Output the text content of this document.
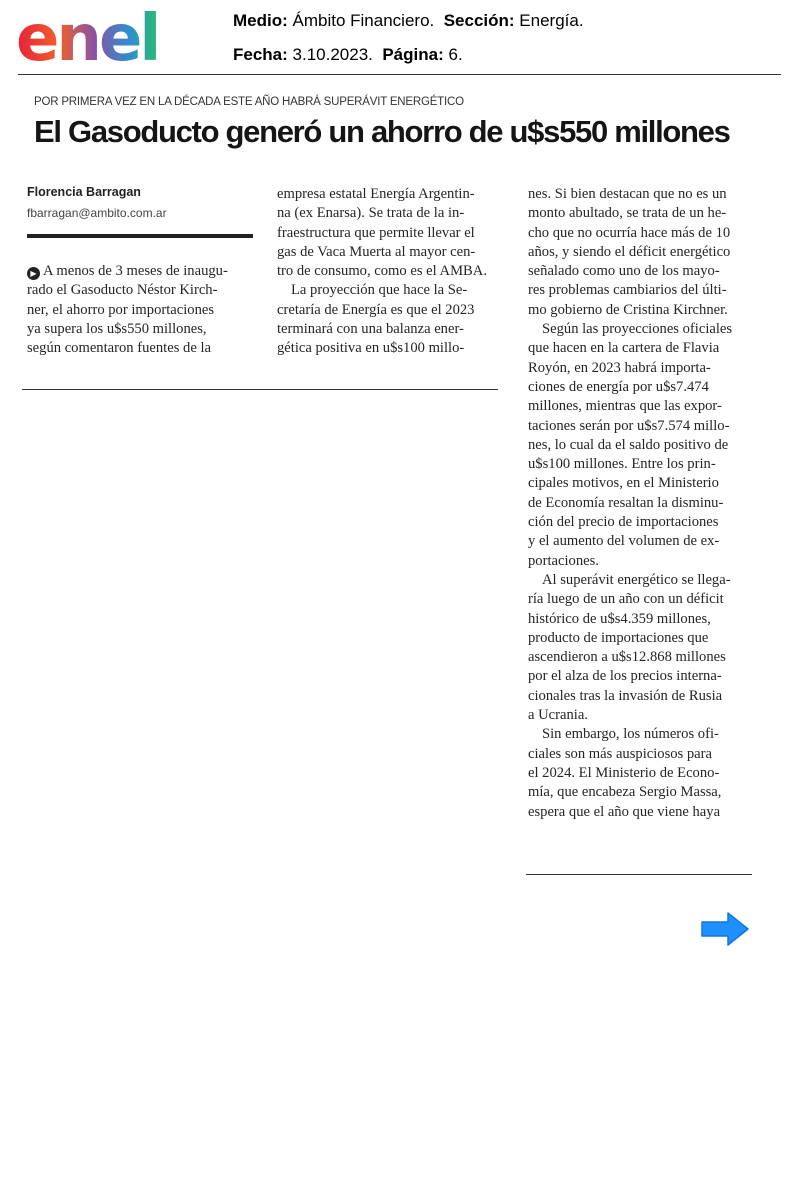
enel	Medio: Ámbito Financiero. Sección: Energía.
Fecha: 3.10.2023. Página: 6.
POR PRIMERA VEZ EN LA DÉCADA ESTE AÑO HABRÁ SUPERÁVIT ENERGÉTICO
El Gasoducto generó un ahorro de u$s550 millones
Florencia Barragan
fbarragan@ambito.com.ar

▶ A menos de 3 meses de inaugu-

rado el Gasoducto Néstor Kirch-

ner, el ahorro por importaciones

ya supera los u$s550 millones,

según comentaron fuentes de la

empresa estatal Energía Argentin-

na (ex Enarsa). Se trata de la in-

fraestructura que permite llevar el

gas de Vaca Muerta al mayor cen-

tro de consumo, como es el AMBA.

La proyección que hace la Se-

cretaría de Energía es que el 2023

terminará con una balanza ener-

gética positiva en u$s100 millo-

nes. Si bien destacan que no es un

monto abultado, se trata de un he-

cho que no ocurría hace más de 10

años, y siendo el déficit energético

señalado como uno de los mayo-

res problemas cambiarios del últi-

mo gobierno de Cristina Kirchner.

Según las proyecciones oficiales

que hacen en la cartera de Flavia

Royón, en 2023 habrá importa-

ciones de energía por u$s7.474

millones, mientras que las expor-

taciones serán por u$s7.574 millo-

nes, lo cual da el saldo positivo de

u$s100 millones. Entre los prin-

cipales motivos, en el Ministerio

de Economía resaltan la disminu-

ción del precio de importaciones

y el aumento del volumen de ex-

portaciones.

Al superávit energético se llega-

ría luego de un año con un déficit

histórico de u$s4.359 millones,

producto de importaciones que

ascendieron a u$s12.868 millones

por el alza de los precios interna-

cionales tras la invasión de Rusia

a Ucrania.

Sin embargo, los números ofi-

ciales son más auspiciosos para

el 2024. El Ministerio de Econo-

mía, que encabeza Sergio Massa,

espera que el año que viene haya
